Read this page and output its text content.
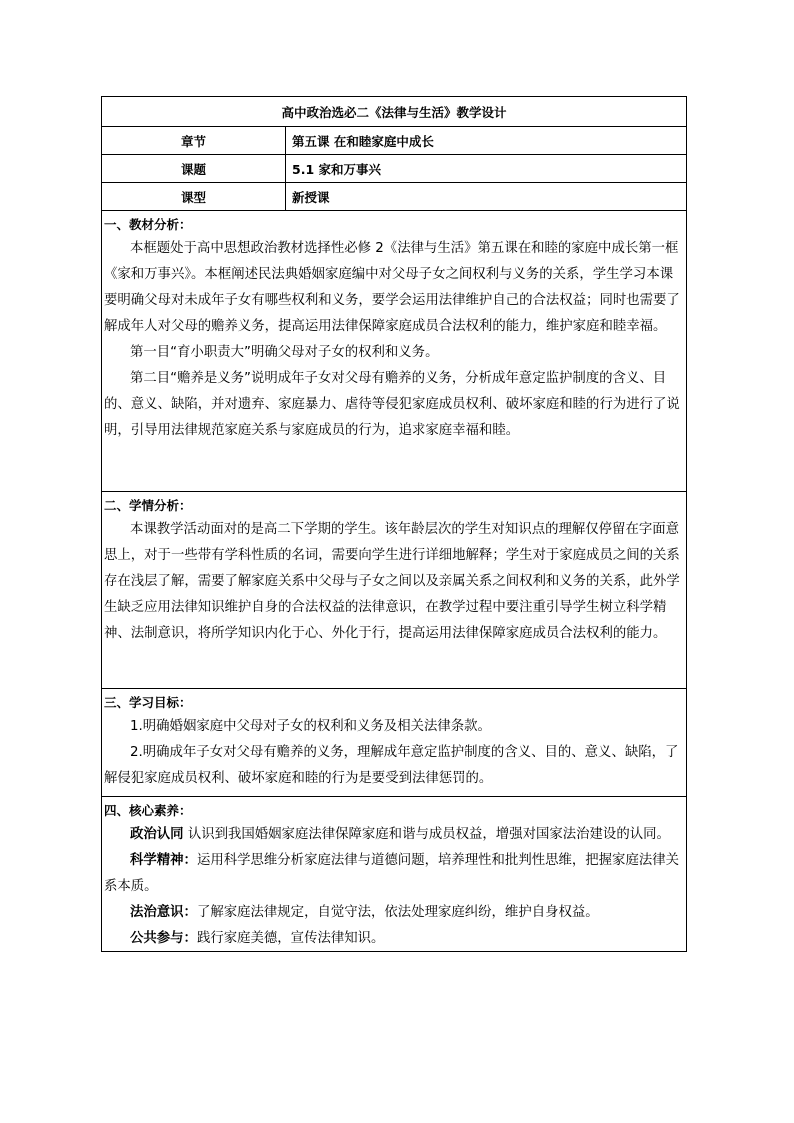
高中政治选必二《法律与生活》教学设计
章节	第五课 在和睦家庭中成长
课题	5.1 家和万事兴
课型	新授课
一、教材分析：

本框题处于高中思想政治教材选择性必修 2《法律与生活》第五课在和睦的家庭中成长第一框《家和万事兴》。本框阐述民法典婚姻家庭编中对父母子女之间权利与义务的关系，学生学习本课要明确父母对未成年子女有哪些权利和义务，要学会运用法律维护自己的合法权益；同时也需要了解成年人对父母的赡养义务，提高运用法律保障家庭成员合法权利的能力，维护家庭和睦幸福。

第一目“育小职责大”明确父母对子女的权利和义务。

第二目“赡养是义务”说明成年子女对父母有赡养的义务，分析成年意定监护制度的含义、目的、意义、缺陷，并对遗弃、家庭暴力、虐待等侵犯家庭成员权利、破坏家庭和睦的行为进行了说明，引导用法律规范家庭关系与家庭成员的行为，追求家庭幸福和睦。

二、学情分析：

本课教学活动面对的是高二下学期的学生。该年龄层次的学生对知识点的理解仅停留在字面意思上，对于一些带有学科性质的名词，需要向学生进行详细地解释；学生对于家庭成员之间的关系存在浅层了解，需要了解家庭关系中父母与子女之间以及亲属关系之间权利和义务的关系，此外学生缺乏应用法律知识维护自身的合法权益的法律意识，在教学过程中要注重引导学生树立科学精神、法制意识，将所学知识内化于心、外化于行，提高运用法律保障家庭成员合法权利的能力。

三、学习目标：

1.明确婚姻家庭中父母对子女的权利和义务及相关法律条款。

2.明确成年子女对父母有赡养的义务，理解成年意定监护制度的含义、目的、意义、缺陷，了解侵犯家庭成员权利、破坏家庭和睦的行为是要受到法律惩罚的。

四、核心素养：

政治认同 认识到我国婚姻家庭法律保障家庭和谐与成员权益，增强对国家法治建设的认同。

科学精神：运用科学思维分析家庭法律与道德问题，培养理性和批判性思维，把握家庭法律关系本质。

法治意识：了解家庭法律规定，自觉守法，依法处理家庭纠纷，维护自身权益。

公共参与：践行家庭美德，宣传法律知识。
